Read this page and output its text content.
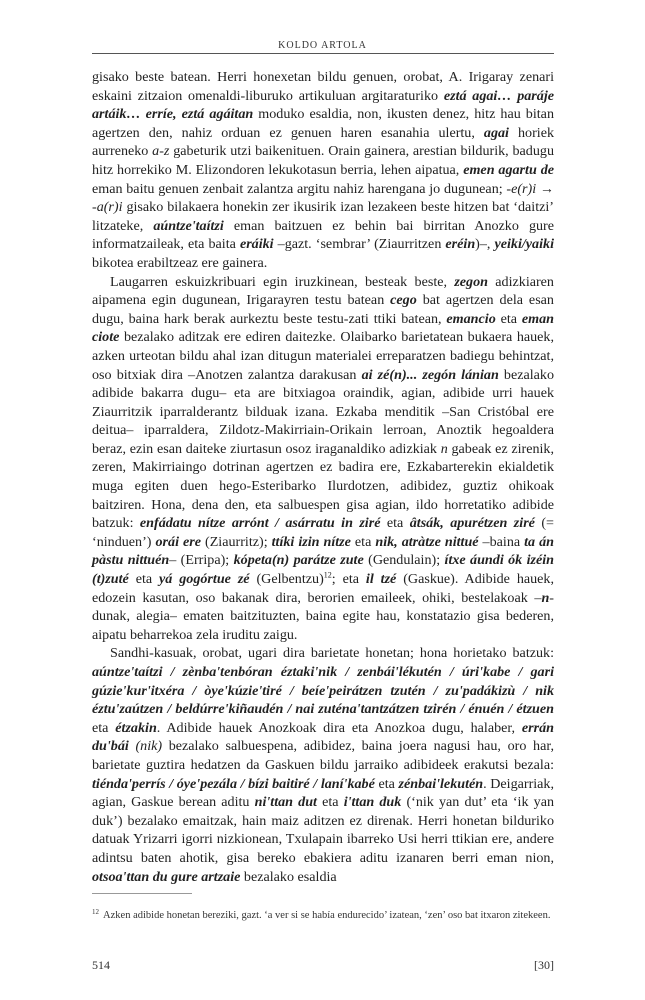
KOLDO ARTOLA

gisako beste batean. Herri honexetan bildu genuen, orobat, A. Irigaray zenari eskaini zitzaion omenaldi-liburuko artikuluan argitaraturiko eztá agai… paráje artáik… erríe, eztá agáitan moduko esaldia, non, ikusten denez, hitz hau bitan agertzen den, nahiz orduan ez genuen haren esanahia ulertu, agai horiek aurreneko a-z gabeturik utzi baikenituen. Orain gainera, arestian bildurik, badugu hitz horrekiko M. Elizondoren lekukotasun berria, lehen aipatua, emen agartu de eman baitu genuen zenbait zalantza argitu nahiz harengana jo dugunean; -e(r)i → -a(r)i gisako bilakaera honekin zer ikusirik izan lezakeen beste hitzen bat ‘daitzi’ litzateke, aúntze'taítzi eman baitzuen ez behin bai birritan Anozko gure informatzaileak, eta baita eráiki –gazt. ‘sembrar’ (Ziaurritzen eréin)–, yeiki/yaiki bikotea erabiltzeaz ere gainera.

Laugarren eskuizkribuari egin iruzkinean, besteak beste, zegon adizkiaren aipamena egin dugunean, Irigarayren testu batean cego bat agertzen dela esan dugu, baina hark berak aurkeztu beste testu-zati ttiki batean, emancio eta eman ciote bezalako aditzak ere ediren daitezke. Olaibarko barietatean bukaera hauek, azken urteotan bildu ahal izan ditugun materialei erreparatzen badiegu behintzat, oso bitxiak dira –Anotzen zalantza darakusan ai zé(n)... zegón lánian bezalako adibide bakarra dugu– eta are bitxiagoa oraindik, agian, adibide urri hauek Ziaurritzik iparralderantz bilduak izana. Ezkaba menditik –San Cristóbal ere deitua– iparraldera, Zildotz-Makirriain-Orikain lerroan, Anoztik hegoaldera beraz, ezin esan daiteke ziurtasun osoz iraganaldiko adizkiak n gabeak ez zirenik, zeren, Makirriaingo dotrinan agertzen ez badira ere, Ezkabarterekin ekialdetik muga egiten duen hego-Esteribarko Ilurdotzen, adibidez, guztiz ohikoak baitziren. Hona, dena den, eta salbuespen gisa agian, ildo horretatiko adibide batzuk: enfádatu nítze arrónt / asárratu in ziré eta âtsák, apurétzen ziré (= ‘ninduen’) orái ere (Ziaurritz); ttíki izin nítze eta nik, atràtze nittué –baina ta án pàstu nittuén– (Erripa); kópeta(n) parátze zute (Gendulain); ítxe áundi ók izéin (t)zuté eta yá gogórtue zé (Gelbentzu)$^{12}$; eta il tzé (Gaskue). Adibide hauek, edozein kasutan, oso bakanak dira, berorien emaileek, ohiki, bestelakoak –n-dunak, alegia– ematen baitzituzten, baina egite hau, konstatazio gisa bederen, aipatu beharrekoa zela iruditu zaigu.

Sandhi-kasuak, orobat, ugari dira barietate honetan; hona horietako batzuk: aúntze'taítzi / zènba'tenbóran éztaki'nik / zenbái'lékutén / úri'kabe / gari gúzie'kur'itxéra / òye'kúzie'tiré / beíe'peirátzen tzutén / zu'padákizù / nik éztu'zaútzen / beldúrre'kiñaudén / nai zuténa'tantzátzen tzirén / énuén / étzuen eta étzakin. Adibide hauek Anozkoak dira eta Anozkoa dugu, halaber, errán du'bái (nik) bezalako salbuespena, adibidez, baina joera nagusi hau, oro har, barietate guztira hedatzen da Gaskuen bildu jarraiko adibideek erakutsi bezala: tiénda'perrís / óye'pezála / bízi baitiré / laní'kabé eta zénbai'lekutén. Deigarriak, agian, Gaskue berean aditu ni'ttan dut eta i'ttan duk (‘nik yan dut’ eta ‘ik yan duk’) bezalako emaitzak, hain maiz aditzen ez direnak. Herri honetan bilduriko datuak Yrizarri igorri nizkionean, Txulapain ibarreko Usi herri ttikian ere, andere adintsu baten ahotik, gisa bereko ebakiera aditu izanaren berri eman nion, otsoa'ttan du gure artzaie bezalako esaldia

$^{12}$ Azken adibide honetan bereziki, gazt. ‘a ver si se había endurecido’ izatean, ‘zen’ oso bat itxaron zitekeen.
514	[30]
